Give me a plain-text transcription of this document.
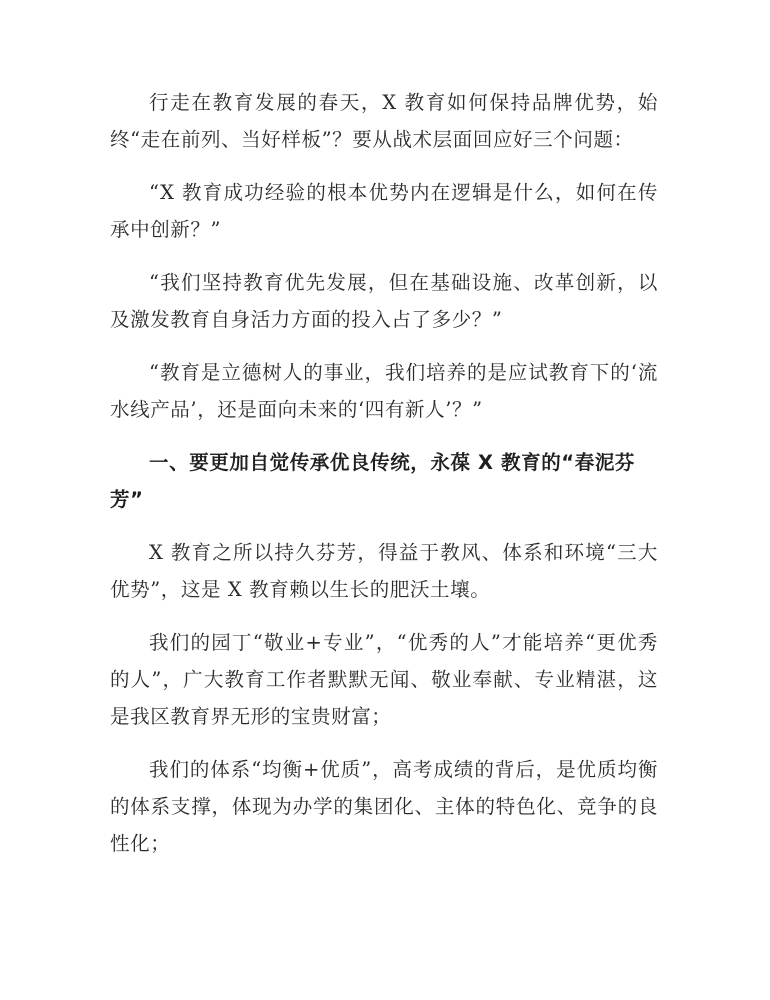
行走在教育发展的春天，X 教育如何保持品牌优势，始终“走在前列、当好样板”？要从战术层面回应好三个问题：

“X 教育成功经验的根本优势内在逻辑是什么，如何在传承中创新？”

“我们坚持教育优先发展，但在基础设施、改革创新，以及激发教育自身活力方面的投入占了多少？”

“教育是立德树人的事业，我们培养的是应试教育下的‘流水线产品’，还是面向未来的‘四有新人’？”

一、要更加自觉传承优良传统，永葆 X 教育的“春泥芬芳”

X 教育之所以持久芬芳，得益于教风、体系和环境“三大优势”，这是 X 教育赖以生长的肥沃土壤。

我们的园丁“敬业+专业”，“优秀的人”才能培养“更优秀的人”，广大教育工作者默默无闻、敬业奉献、专业精湛，这是我区教育界无形的宝贵财富；

我们的体系“均衡+优质”，高考成绩的背后，是优质均衡的体系支撑，体现为办学的集团化、主体的特色化、竞争的良性化；
